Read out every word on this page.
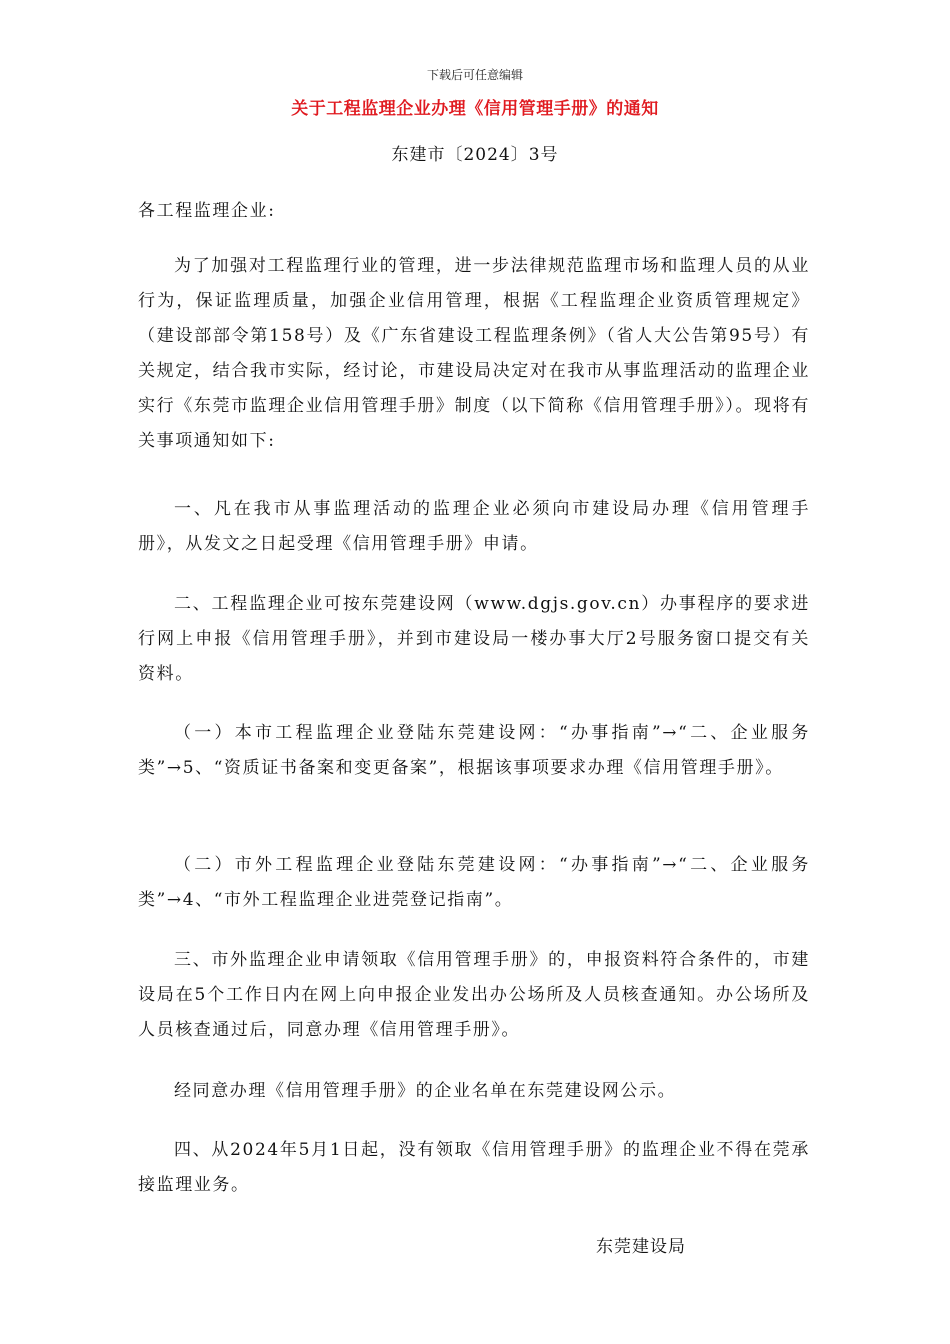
下载后可任意编辑
关于工程监理企业办理《信用管理手册》的通知
东建市〔2024〕3号
各工程监理企业:
为了加强对工程监理行业的管理，进一步法律规范监理市场和监理人员的从业行为，保证监理质量，加强企业信用管理，根据《工程监理企业资质管理规定》（建设部部令第158号）及《广东省建设工程监理条例》（省人大公告第95号）有关规定，结合我市实际，经讨论，市建设局决定对在我市从事监理活动的监理企业实行《东莞市监理企业信用管理手册》制度（以下简称《信用管理手册》）。现将有关事项通知如下:
一、凡在我市从事监理活动的监理企业必须向市建设局办理《信用管理手册》，从发文之日起受理《信用管理手册》申请。
二、工程监理企业可按东莞建设网（www.dgjs.gov.cn）办事程序的要求进行网上申报《信用管理手册》，并到市建设局一楼办事大厅2号服务窗口提交有关资料。
（一）本市工程监理企业登陆东莞建设网：“办事指南”→“二、企业服务类”→5、“资质证书备案和变更备案”，根据该事项要求办理《信用管理手册》。
（二）市外工程监理企业登陆东莞建设网：“办事指南”→“二、企业服务类”→4、“市外工程监理企业进莞登记指南”。
三、市外监理企业申请领取《信用管理手册》的，申报资料符合条件的，市建设局在5个工作日内在网上向申报企业发出办公场所及人员核查通知。办公场所及人员核查通过后，同意办理《信用管理手册》。
经同意办理《信用管理手册》的企业名单在东莞建设网公示。
四、从2024年5月1日起，没有领取《信用管理手册》的监理企业不得在莞承接监理业务。
东莞建设局
